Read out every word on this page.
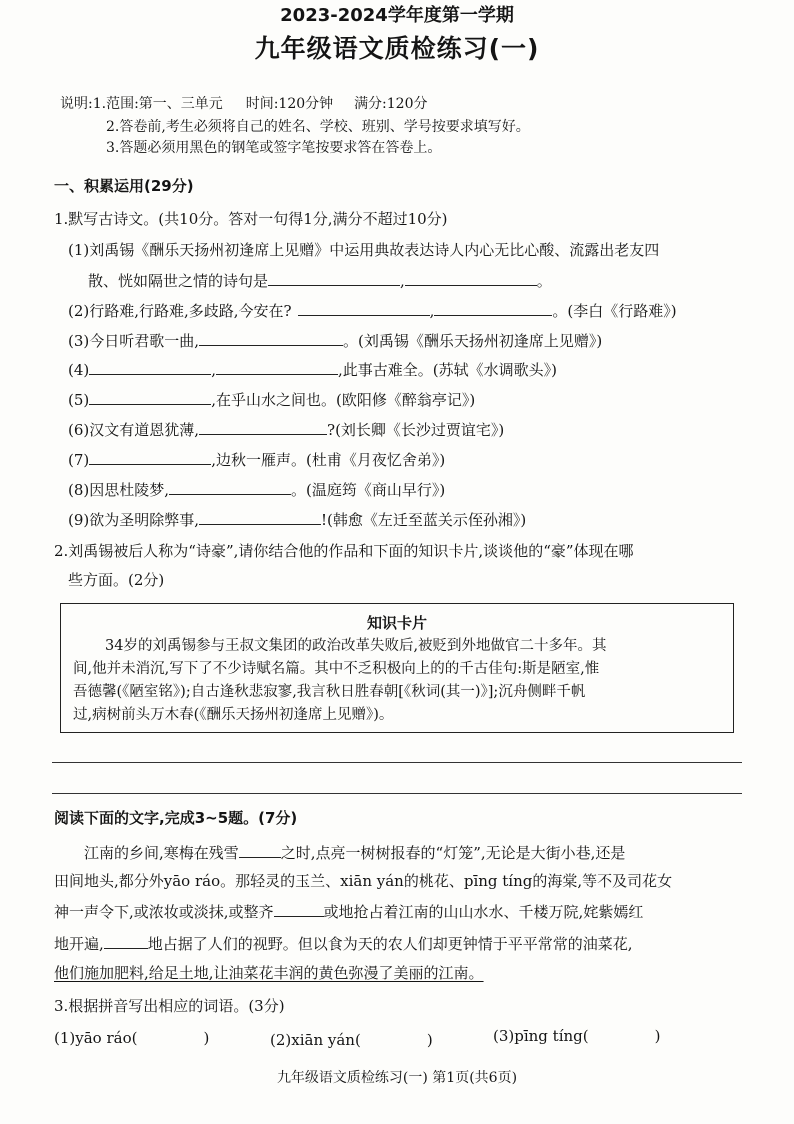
2023-2024学年度第一学期
九年级语文质检练习(一)
说明:1.范围:第一、三单元 时间:120分钟 满分:120分
2.答卷前,考生必须将自己的姓名、学校、班别、学号按要求填写好。
3.答题必须用黑色的钢笔或签字笔按要求答在答卷上。
一、积累运用(29分)
1.默写古诗文。(共10分。答对一句得1分,满分不超过10分)
(1)刘禹锡《酬乐天扬州初逢席上见赠》中运用典故表达诗人内心无比心酸、流露出老友四
散、恍如隔世之情的诗句是	,	。
(2)行路难,行路难,多歧路,今安在?	,	。(李白《行路难》)
(3)今日听君歌一曲,	。(刘禹锡《酬乐天扬州初逢席上见赠》)
(4)	,	,此事古难全。(苏轼《水调歌头》)
(5)	,在乎山水之间也。(欧阳修《醉翁亭记》)
(6)汉文有道恩犹薄,	?(刘长卿《长沙过贾谊宅》)
(7)	,边秋一雁声。(杜甫《月夜忆舍弟》)
(8)因思杜陵梦,	。(温庭筠《商山早行》)
(9)欲为圣明除弊事,	!(韩愈《左迁至蓝关示侄孙湘》)
2.刘禹锡被后人称为“诗豪”,请你结合他的作品和下面的知识卡片,谈谈他的“豪”体现在哪
些方面。(2分)
知识卡片
34岁的刘禹锡参与王叔文集团的政治改革失败后,被贬到外地做官二十多年。其
间,他并未消沉,写下了不少诗赋名篇。其中不乏积极向上的的千古佳句:斯是陋室,惟
吾德馨(《陋室铭》);自古逢秋悲寂寥,我言秋日胜春朝[《秋词(其一)》];沉舟侧畔千帆
过,病树前头万木春(《酬乐天扬州初逢席上见赠》)。
阅读下面的文字,完成3~5题。(7分)
江南的乡间,寒梅在残雪	之时,点亮一树树报春的“灯笼”,无论是大街小巷,还是
田间地头,都分外yāo ráo。那轻灵的玉兰、xiān yán的桃花、pīng tíng的海棠,等不及司花女
神一声令下,或浓妆或淡抹,或整齐	或地抢占着江南的山山水水、千楼万院,姹紫嫣红
地开遍,	地占据了人们的视野。但以食为天的农人们却更钟情于平平常常的油菜花,
他们施加肥料,给足土地,让油菜花丰润的黄色弥漫了美丽的江南。
3.根据拼音写出相应的词语。(3分)
(1)yāo ráo(	)	(2)xiān yán(	)	(3)pīng tíng(	)
九年级语文质检练习(一) 第1页(共6页)
